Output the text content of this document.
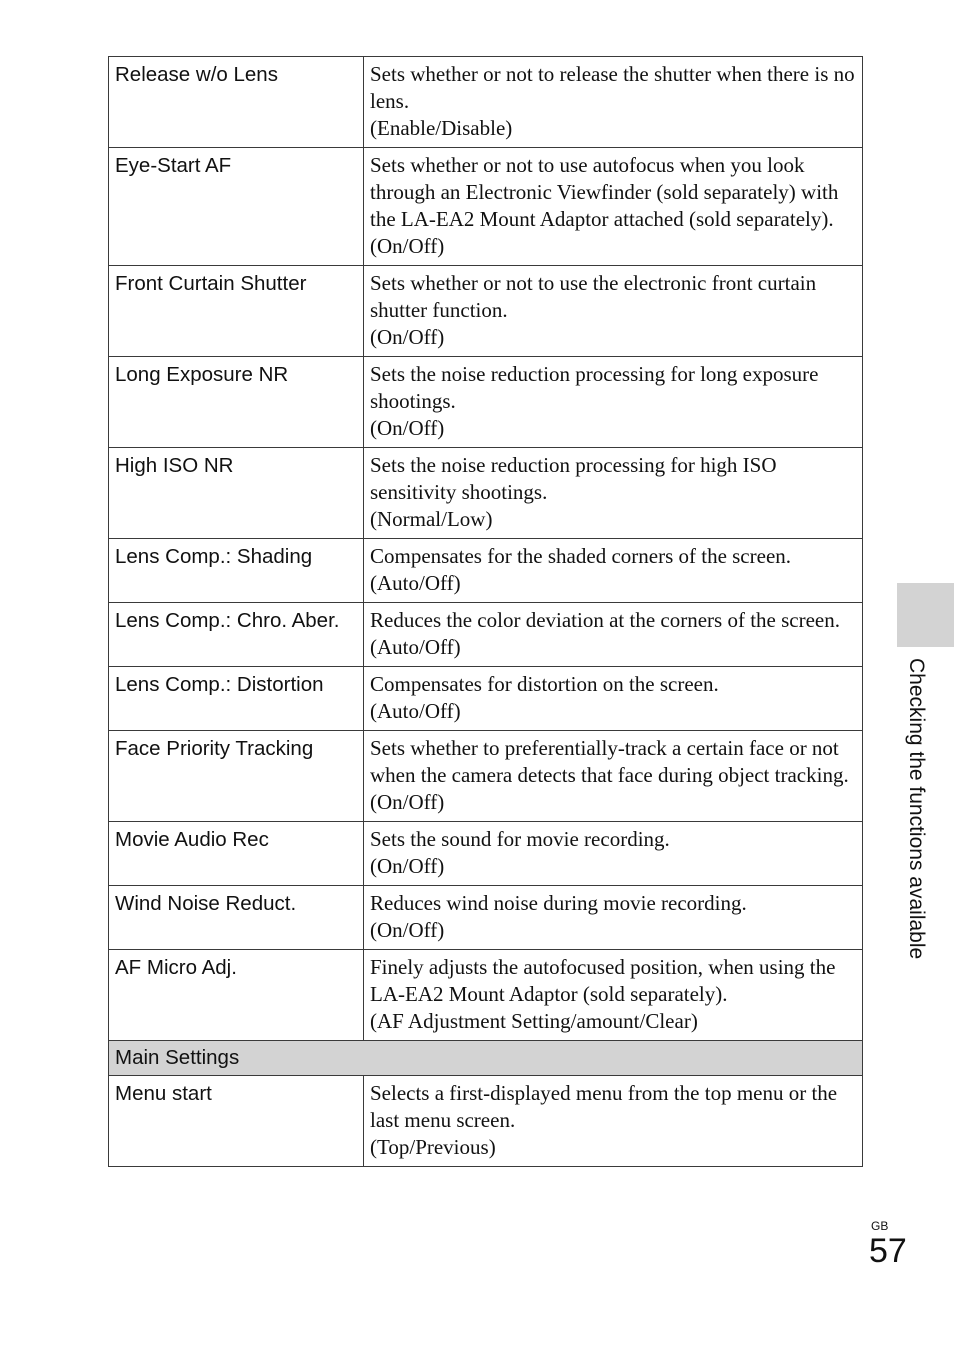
Release w/o Lens	Sets whether or not to release the shutter when there is no lens.
(Enable/Disable)

Eye-Start AF	Sets whether or not to use autofocus when you look through an Electronic Viewfinder (sold separately) with the LA-EA2 Mount Adaptor attached (sold separately).
(On/Off)

Front Curtain Shutter	Sets whether or not to use the electronic front curtain shutter function.
(On/Off)

Long Exposure NR	Sets the noise reduction processing for long exposure shootings.
(On/Off)

High ISO NR	Sets the noise reduction processing for high ISO sensitivity shootings.
(Normal/Low)

Lens Comp.: Shading	Compensates for the shaded corners of the screen.
(Auto/Off)

Lens Comp.: Chro. Aber.	Reduces the color deviation at the corners of the screen.
(Auto/Off)

Lens Comp.: Distortion	Compensates for distortion on the screen.
(Auto/Off)

Face Priority Tracking	Sets whether to preferentially-track a certain face or not when the camera detects that face during object tracking.
(On/Off)

Movie Audio Rec	Sets the sound for movie recording.
(On/Off)

Wind Noise Reduct.	Reduces wind noise during movie recording.
(On/Off)

AF Micro Adj.	Finely adjusts the autofocused position, when using the LA-EA2 Mount Adaptor (sold separately).
(AF Adjustment Setting/amount/Clear)

Main Settings	
Menu start	Selects a first-displayed menu from the top menu or the last menu screen.
(Top/Previous)
Checking the functions available
GB
57
